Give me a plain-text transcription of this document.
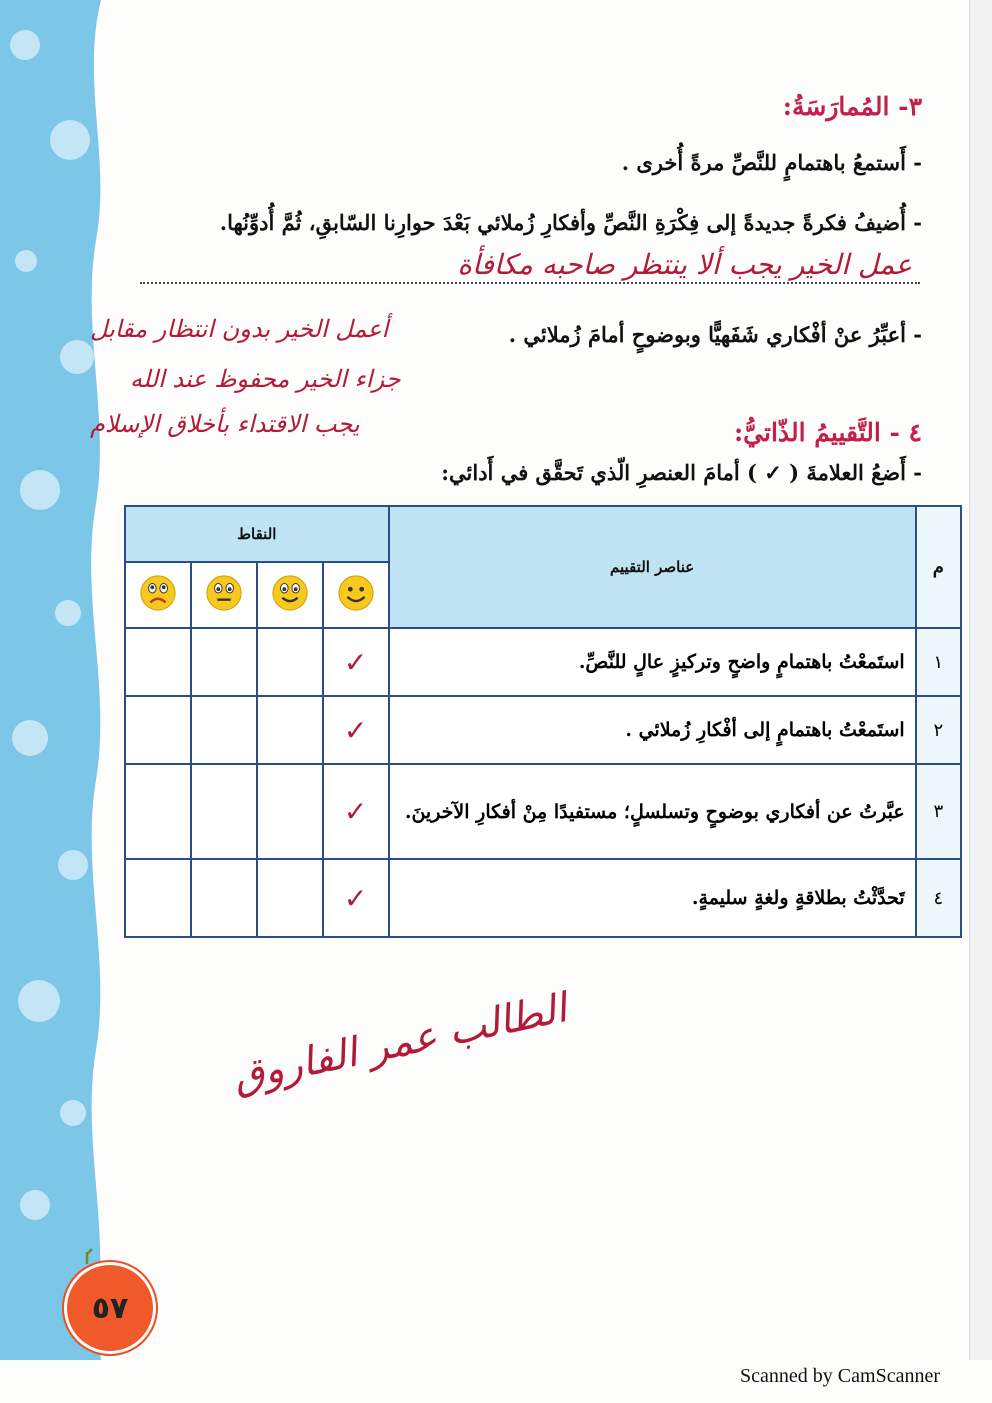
٣- المُمارَسَةُ:
- أَستمعُ باهتمامٍ للنَّصِّ مرةً أُخرى .
- أُضيفُ فكرةً جديدةً إلى فِكْرَةِ النَّصِّ وأفكارِ زُملائي بَعْدَ حوارِنا السّابقِ، ثُمَّ أُدوِّنُها.
عمل الخير يجب ألا ينتظر صاحبه مكافأة
- أعبِّرُ عنْ أفْكاري شَفَهيًّا وبوضوحٍ أمامَ زُملائي .
أعمل الخير بدون انتظار مقابل
جزاء الخير محفوظ عند الله
يجب الاقتداء بأخلاق الإسلام	٤ - التَّقييمُ الذّاتيُّ:
- أَضعُ العلامةَ ( ✓ ) أمامَ العنصرِ الّذي تَحقَّق في أَدائي:
م	عناصر التقييم	النقاط			

١	استَمعْتُ باهتمامٍ واضحٍ وتركيزٍ عالٍ للنَّصِّ.	✓			
٢	استَمعْتُ باهتمامٍ إلى أفْكارِ زُملائي .	✓			
٣	عبَّرتُ عن أفكاري بوضوحٍ وتسلسلٍ؛ مستفيدًا مِنْ أفكارِ الآخرينَ.	✓			
٤	تَحدَّثْتُ بطلاقةٍ ولغةٍ سليمةٍ.	✓			
الطالب عمر الفاروق
٥٧
Scanned by CamScanner
